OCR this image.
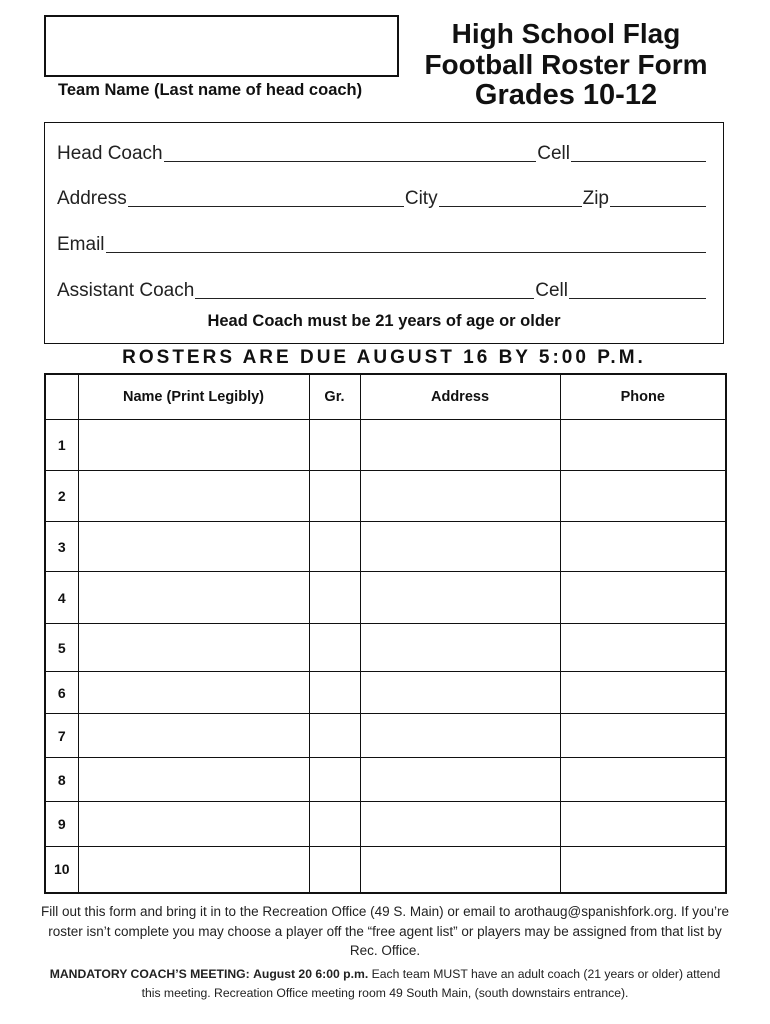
Team Name (Last name of head coach)
High School Flag
Football Roster Form
Grades 10-12
Head Coach	Cell
Address	City	Zip
Email
Assistant Coach	Cell
Head Coach must be 21 years of age or older
ROSTERS ARE DUE AUGUST 16 BY 5:00 P.M.
	Name (Print Legibly)	Gr.	Address	Phone
1				
2				
3				
4				
5				
6				
7				
8				
9				
10				
Fill out this form and bring it in to the Recreation Office (49 S. Main) or email to arothaug@spanishfork.org. If you’re roster isn’t complete you may choose a player off the “free agent list” or players may be assigned from that list by Rec. Office.
MANDATORY COACH’S MEETING: August 20 6:00 p.m. Each team MUST have an adult coach (21 years or older) attend this meeting. Recreation Office meeting room 49 South Main, (south downstairs entrance).
